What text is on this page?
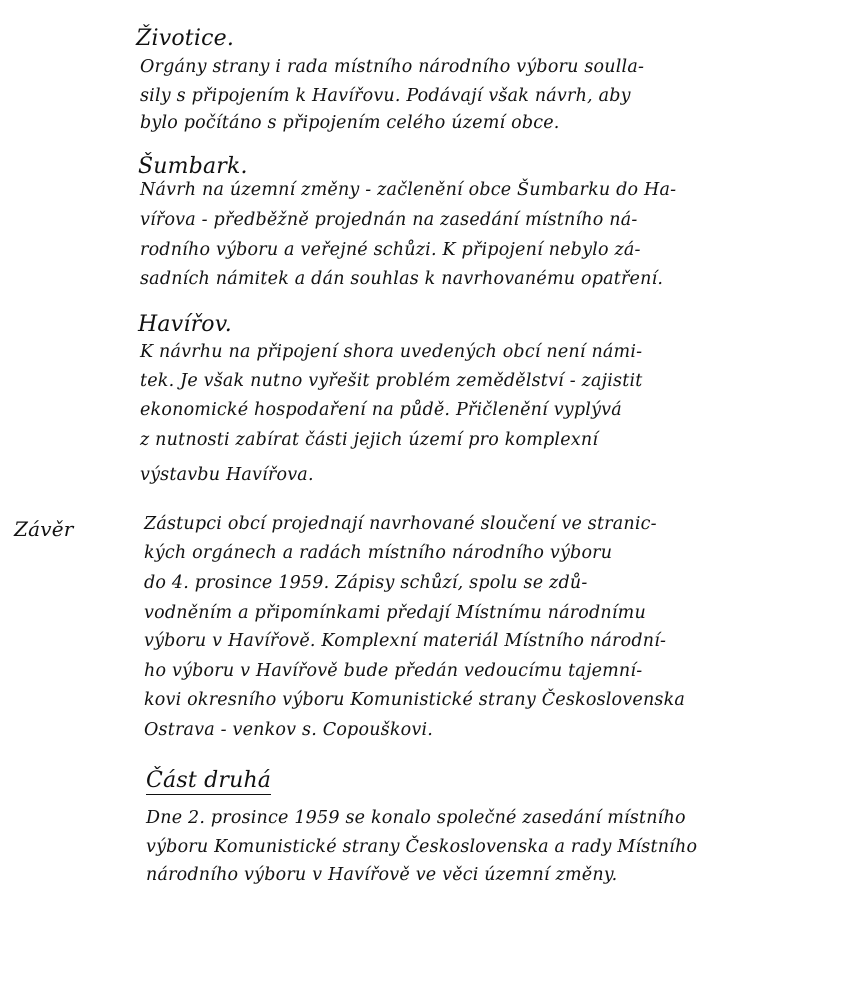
Životice.
Orgány strany i rada místního národního výboru soulla-
sily s připojením k Havířovu. Podávají však návrh, aby
bylo počítáno s připojením celého území obce.
Šumbark.
Návrh na územní změny - začlenění obce Šumbarku do Ha-
vířova - předběžně projednán na zasedání místního ná-
rodního výboru a veřejné schůzi. K připojení nebylo zá-
sadních námitek a dán souhlas k navrhovanému opatření.
Havířov.
K návrhu na připojení shora uvedených obcí není námi-
tek. Je však nutno vyřešit problém zemědělství - zajistit
ekonomické hospodaření na půdě. Přičlenění vyplývá
z nutnosti zabírat části jejich území pro komplexní
výstavbu Havířova.
Závěr	Zástupci obcí projednají navrhované sloučení ve stranic-
kých orgánech a radách místního národního výboru
do 4. prosince 1959. Zápisy schůzí, spolu se zdů-
vodněním a připomínkami předají Místnímu národnímu
výboru v Havířově. Komplexní materiál Místního národní-
ho výboru v Havířově bude předán vedoucímu tajemní-
kovi okresního výboru Komunistické strany Československa
Ostrava - venkov s. Copouškovi.
Část druhá
Dne 2. prosince 1959 se konalo společné zasedání místního
výboru Komunistické strany Československa a rady Místního
národního výboru v Havířově ve věci územní změny.
